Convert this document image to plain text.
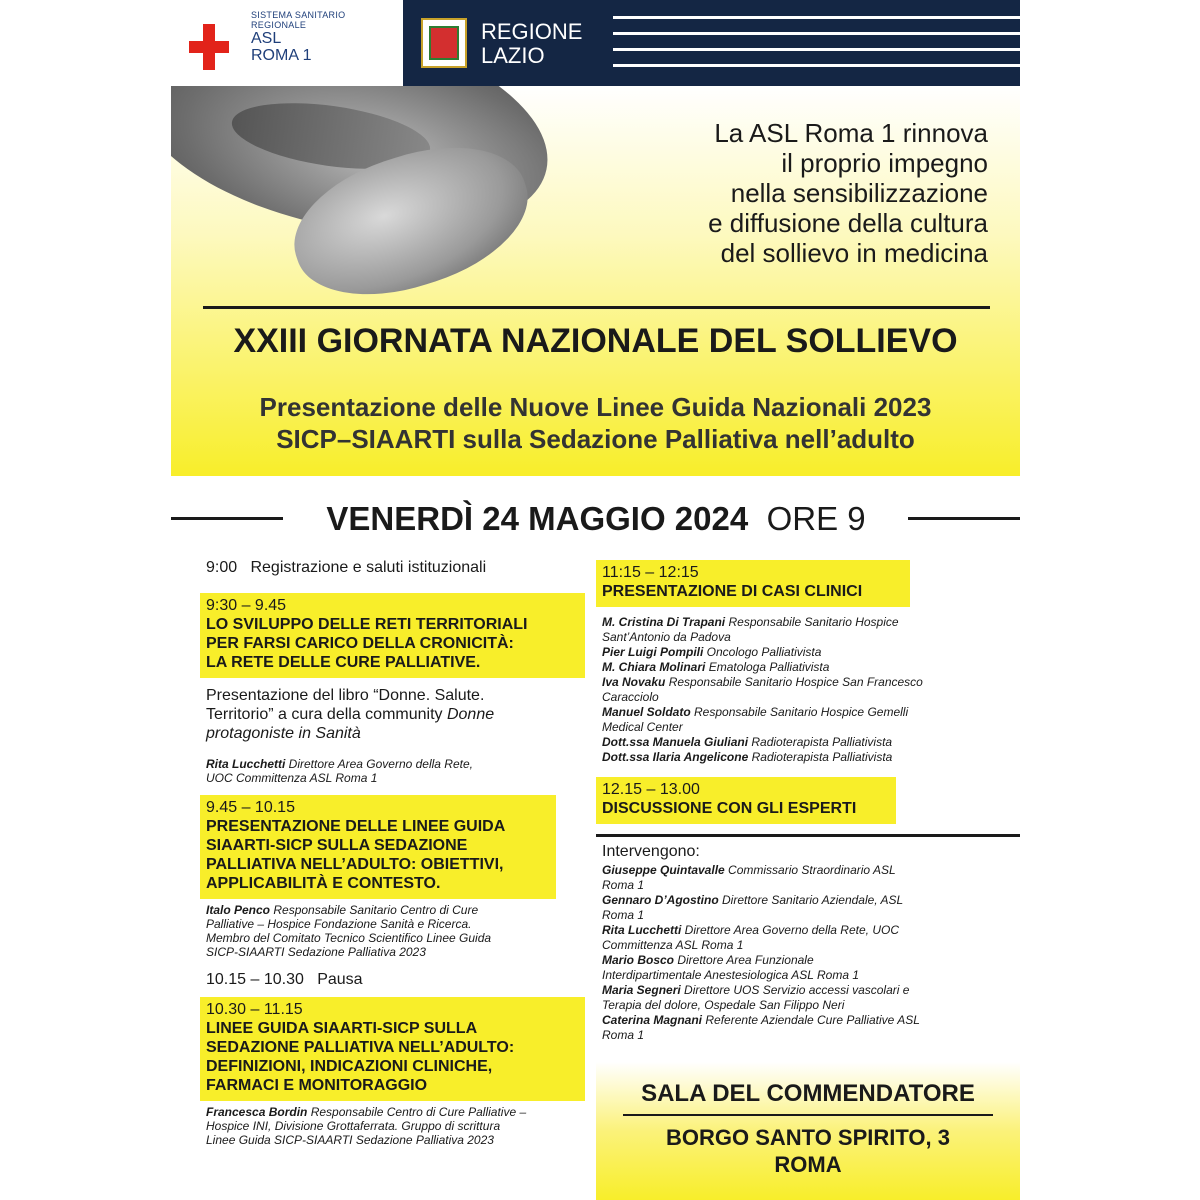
SISTEMA SANITARIO REGIONALE
ASL
ROMA 1
REGIONE
LAZIO
La ASL Roma 1 rinnova
il proprio impegno
nella sensibilizzazione
e diffusione della cultura
del sollievo in medicina
XXIII GIORNATA NAZIONALE DEL SOLLIEVO
Presentazione delle Nuove Linee Guida Nazionali 2023
SICP–SIAARTI sulla Sedazione Palliativa nell’adulto
VENERDÌ 24 MAGGIO 2024 ORE 9
9:00   Registrazione e saluti istituzionali
9:30 – 9.45
LO SVILUPPO DELLE RETI TERRITORIALI
PER FARSI CARICO DELLA CRONICITÀ:
LA RETE DELLE CURE PALLIATIVE.
Presentazione del libro “Donne. Salute.
Territorio” a cura della community Donne protagoniste in Sanità
Rita Lucchetti Direttore Area Governo della Rete,
UOC Committenza ASL Roma 1
9.45 – 10.15
PRESENTAZIONE DELLE LINEE GUIDA
SIAARTI-SICP SULLA SEDAZIONE
PALLIATIVA NELL’ADULTO: OBIETTIVI,
APPLICABILITÀ E CONTESTO.
Italo Penco Responsabile Sanitario Centro di Cure
Palliative – Hospice Fondazione Sanità e Ricerca.
Membro del Comitato Tecnico Scientifico Linee Guida
SICP-SIAARTI Sedazione Palliativa 2023
10.15 – 10.30   Pausa
10.30 – 11.15
LINEE GUIDA SIAARTI-SICP SULLA
SEDAZIONE PALLIATIVA NELL’ADULTO:
DEFINIZIONI, INDICAZIONI CLINICHE,
FARMACI E MONITORAGGIO
Francesca Bordin Responsabile Centro di Cure Palliative –
Hospice INI, Divisione Grottaferrata. Gruppo di scrittura
Linee Guida SICP-SIAARTI Sedazione Palliativa 2023
11:15 – 12:15
PRESENTAZIONE DI CASI CLINICI
M. Cristina Di Trapani Responsabile Sanitario Hospice
Sant’Antonio da Padova
Pier Luigi Pompili Oncologo Palliativista
M. Chiara Molinari Ematologa Palliativista
Iva Novaku Responsabile Sanitario Hospice San Francesco
Caracciolo
Manuel Soldato Responsabile Sanitario Hospice Gemelli
Medical Center
Dott.ssa Manuela Giuliani Radioterapista Palliativista
Dott.ssa Ilaria Angelicone Radioterapista Palliativista
12.15 – 13.00
DISCUSSIONE CON GLI ESPERTI
Intervengono:
Giuseppe Quintavalle Commissario Straordinario ASL
Roma 1
Gennaro D’Agostino Direttore Sanitario Aziendale, ASL
Roma 1
Rita Lucchetti Direttore Area Governo della Rete, UOC
Committenza ASL Roma 1
Mario Bosco Direttore Area Funzionale
Interdipartimentale Anestesiologica ASL Roma 1
Maria Segneri Direttore UOS Servizio accessi vascolari e
Terapia del dolore, Ospedale San Filippo Neri
Caterina Magnani Referente Aziendale Cure Palliative ASL
Roma 1
SALA DEL COMMENDATORE
BORGO SANTO SPIRITO, 3
ROMA
